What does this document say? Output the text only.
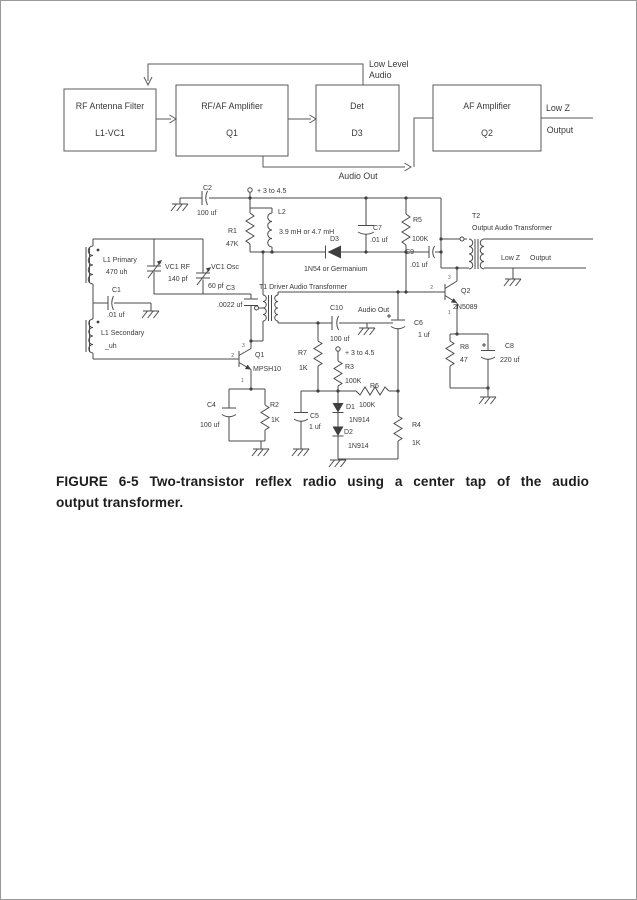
RF Antenna Filter
L1-VC1
RF/AF Amplifier
Q1
Det
D3
AF Amplifier
Q2
Low Level
Audio
Audio Out
Low Z
Output
C2
100 uf
+ 3 to 4.5
R1
47K
L2
3.9 mH or 4.7 mH
D3
1N54 or Germanium
C7
.01 uf
R5
100K
C9
.01 uf
T2
Output Audio Transformer
Low Z Output
Q2
2N5089
L1 Primary
470 uh
VC1 RF
140 pf
VC1 Osc
60 pf
C1
.01 uf
L1 Secondary
_uh
C3
.0022 uf
T1 Driver Audio Transformer
C10
100 uf
Audio Out
C6
1 uf
R7
1K
+ 3 to 4.5
R3
100K
R6
100K
Q1
MPSH10
C4
100 uf
R2
1K
C5
1 uf
D1
1N914
D2
1N914
R4
1K
R8
47
C8
220 uf
2
3
1
2
3
1
FIGURE 6-5 Two-transistor reflex radio using a center tap of the audio
output transformer.
